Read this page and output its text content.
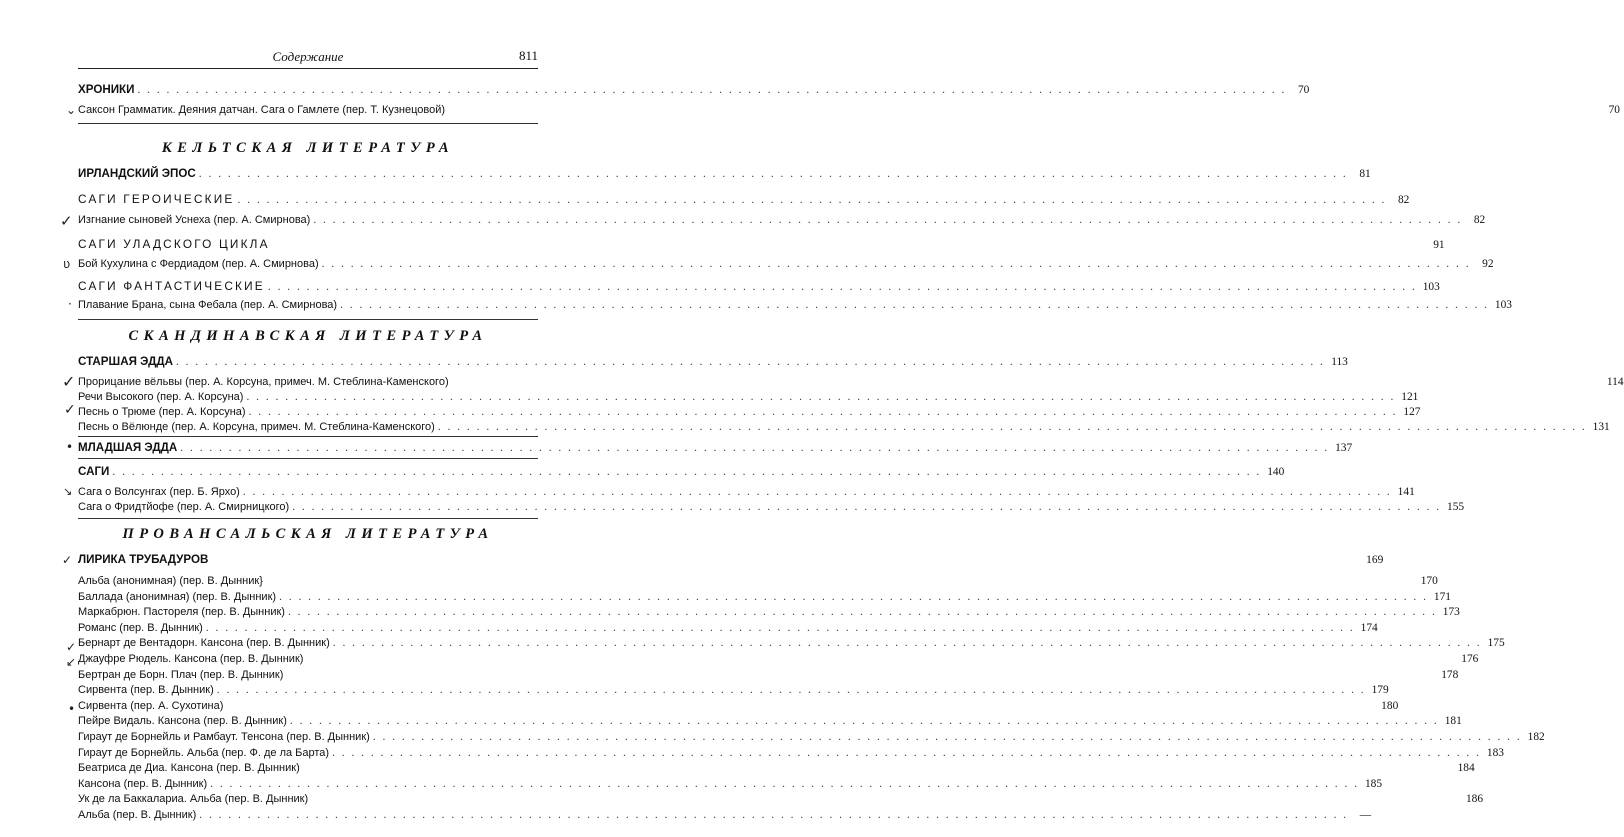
Содержание	811
ХРОНИКИ . . .	70
Саксон Грамматик. Деяния датчан. Сага о Гамлете (пер. Т. Кузнецовой)	70
КЕЛЬТСКАЯ ЛИТЕРАТУРА
ИРЛАНДСКИЙ ЭПОС . . .	81
САГИ ГЕРОИЧЕСКИЕ . . .	82
Изгнание сыновей Уснеха (пер. А. Смирнова) . . .	82
САГИ УЛАДСКОГО ЦИКЛА	91
Бой Кухулина с Фердиадом (пер. А. Смирнова) . . .	92
САГИ ФАНТАСТИЧЕСКИЕ . . .	103
Плавание Брана, сына Фебала (пер. А. Смирнова) . . .	103
СКАНДИНАВСКАЯ ЛИТЕРАТУРА
СТАРШАЯ ЭДДА . . .	113
Прорицание вёльвы (пер. А. Корсуна, примеч. М. Стеблина-Каменского)	114
Речи Высокого (пер. А. Корсуна) . . .	121
Песнь о Трюме (пер. А. Корсуна) . . .	127
Песнь о Вёлюнде (пер. А. Корсуна, примеч. М. Стеблина-Каменского) . . .	131
МЛАДШАЯ ЭДДА . . .	137
САГИ . . .	140
Сага о Волсунгах (пер. Б. Ярхо) . . .	141
Сага о Фридтйофе (пер. А. Смирницкого) . . .	155
ПРОВАНСАЛЬСКАЯ ЛИТЕРАТУРА
ЛИРИКА ТРУБАДУРОВ	169
Альба (анонимная) (пер. В. Дынник}	170
Баллада (анонимная) (пер. В. Дынник) . . .	171
Маркабрюн. Пастореля (пер. В. Дынник) . . .	173
Романс (пер. В. Дынник) . . .	174
Бернарт де Вентадорн. Кансона (пер. В. Дынник) . . .	175
Джауфре Рюдель. Кансона (пер. В. Дынник)	176
Бертран де Борн. Плач (пер. В. Дынник)	178
Сирвента (пер. В. Дынник) . . .	179
Сирвента (пер. А. Сухотина)	180
Пейре Видаль. Кансона (пер. В. Дынник) . . .	181
Гираут де Борнейль и Рамбаут. Тенсона (пер. В. Дынник) . . .	182
Гираут де Борнейль. Альба (пер. Ф. де ла Барта) . . .	183
Беатриса де Диа. Кансона (пер. В. Дынник)	184
Кансона (пер. В. Дынник) . . .	185
Ук де ла Баккалариа. Альба (пер. В. Дынник)	186
Альба (пер. В. Дынник) . . .	—
⌄
✓
ʋ
·
✓
✓
•
↘
✓
✓
↙
•
